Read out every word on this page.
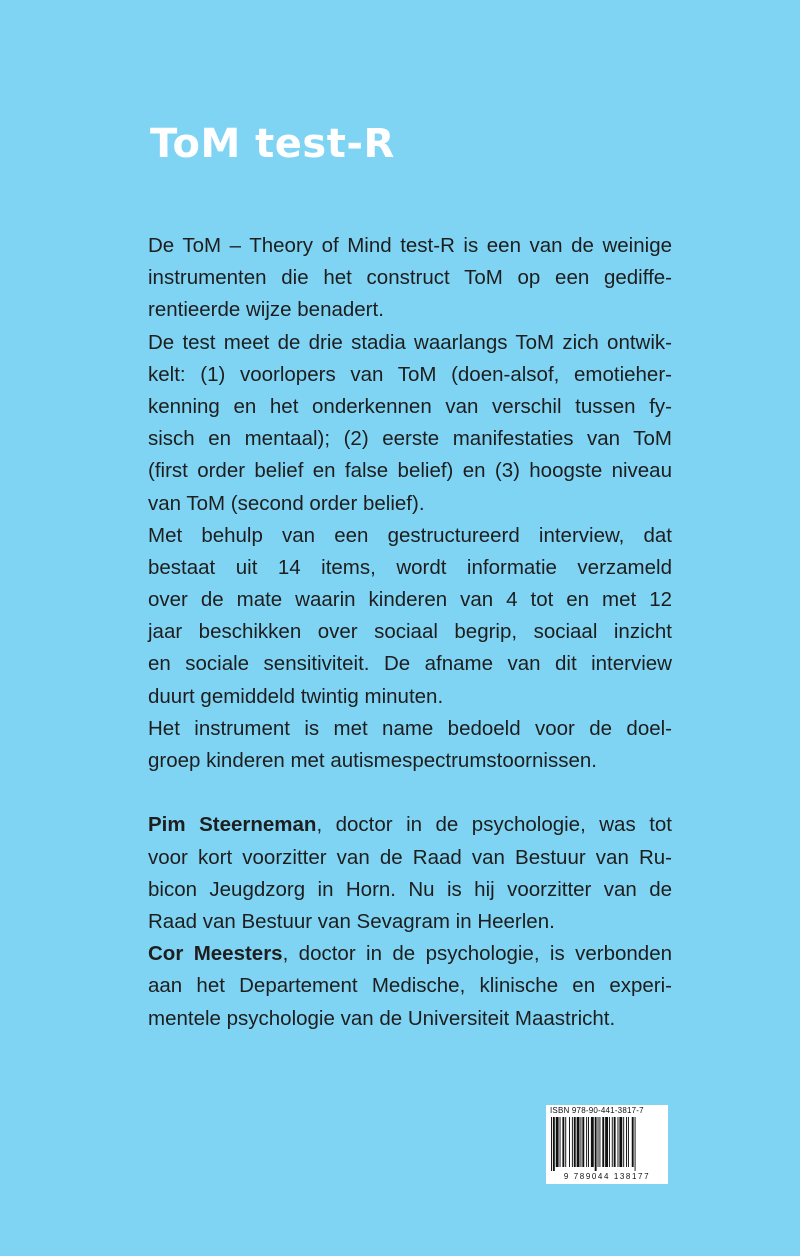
ToM test-R
De ToM – Theory of Mind test-R is een van de weinige
instrumenten die het construct ToM op een gediffe-
rentieerde wijze benadert.
De test meet de drie stadia waarlangs ToM zich ontwik-
kelt: (1) voorlopers van ToM (doen-alsof, emotieher-
kenning en het onderkennen van verschil tussen fy-
sisch en mentaal); (2) eerste manifestaties van ToM
(first order belief en false belief) en (3) hoogste niveau
van ToM (second order belief).
Met behulp van een gestructureerd interview, dat
bestaat uit 14 items, wordt informatie verzameld
over de mate waarin kinderen van 4 tot en met 12
jaar beschikken over sociaal begrip, sociaal inzicht
en sociale sensitiviteit. De afname van dit interview
duurt gemiddeld twintig minuten.
Het instrument is met name bedoeld voor de doel-
groep kinderen met autismespectrumstoornissen.
Pim Steerneman, doctor in de psychologie, was tot
voor kort voorzitter van de Raad van Bestuur van Ru-
bicon Jeugdzorg in Horn. Nu is hij voorzitter van de
Raad van Bestuur van Sevagram in Heerlen.
Cor Meesters, doctor in de psychologie, is verbonden
aan het Departement Medische, klinische en experi-
mentele psychologie van de Universiteit Maastricht.
ISBN 978-90-441-3817-7
9 789044 138177
